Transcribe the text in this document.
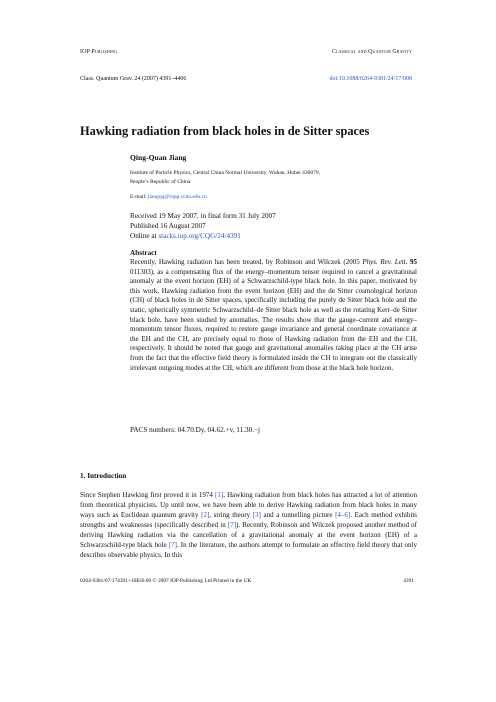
IOP Publishing	Classical and Quantum Gravity
Class. Quantum Grav. 24 (2007) 4391–4406	doi:10.1088/0264-9381/24/17/008
Hawking radiation from black holes in de Sitter spaces
Qing-Quan Jiang
Institute of Particle Physics, Central China Normal University, Wuhan, Hubei 430079,
People’s Republic of China
E-mail: jiangqq@iopp.ccnu.edu.cn
Received 19 May 2007, in final form 31 July 2007
Published 16 August 2007
Online at stacks.iop.org/CQG/24/4391
Abstract
Recently, Hawking radiation has been treated, by Robinson and Wilczek (2005 Phys. Rev. Lett. 95 011303), as a compensating flux of the energy–momentum tensor required to cancel a gravitational anomaly at the event horizon (EH) of a Schwarzschild-type black hole. In this paper, motivated by this work, Hawking radiation from the event horizon (EH) and the de Sitter cosmological horizon (CH) of black holes in de Sitter spaces, specifically including the purely de Sitter black hole and the static, spherically symmetric Schwarzschild–de Sitter black hole as well as the rotating Kerr–de Sitter black hole, have been studied by anomalies. The results show that the gauge–current and energy–momentum tensor fluxes, required to restore gauge invariance and general coordinate covariance at the EH and the CH, are precisely equal to those of Hawking radiation from the EH and the CH, respectively. It should be noted that gauge and gravitational anomalies taking place at the CH arise from the fact that the effective field theory is formulated inside the CH to integrate out the classically irrelevant outgoing modes at the CH, which are different from those at the black hole horizon.
PACS numbers: 04.70.Dy, 04.62.+v, 11.30.−j
1. Introduction
Since Stephen Hawking first proved it in 1974 [1], Hawking radiation from black holes has attracted a lot of attention from theoretical physicists. Up until now, we have been able to derive Hawking radiation from black holes in many ways such as Euclidean quantum gravity [2], string theory [3] and a tunnelling picture [4–6]. Each method exhibits strengths and weaknesses (specifically described in [7]). Recently, Robinson and Wilczek proposed another method of deriving Hawking radiation via the cancellation of a gravitational anomaly at the event horizon (EH) of a Schwarzschild-type black hole [7]. In the literature, the authors attempt to formulate an effective field theory that only describes observable physics. In this
0264-9381/07/174391+16$30.00 © 2007 IOP Publishing Ltd Printed in the UK	4391
